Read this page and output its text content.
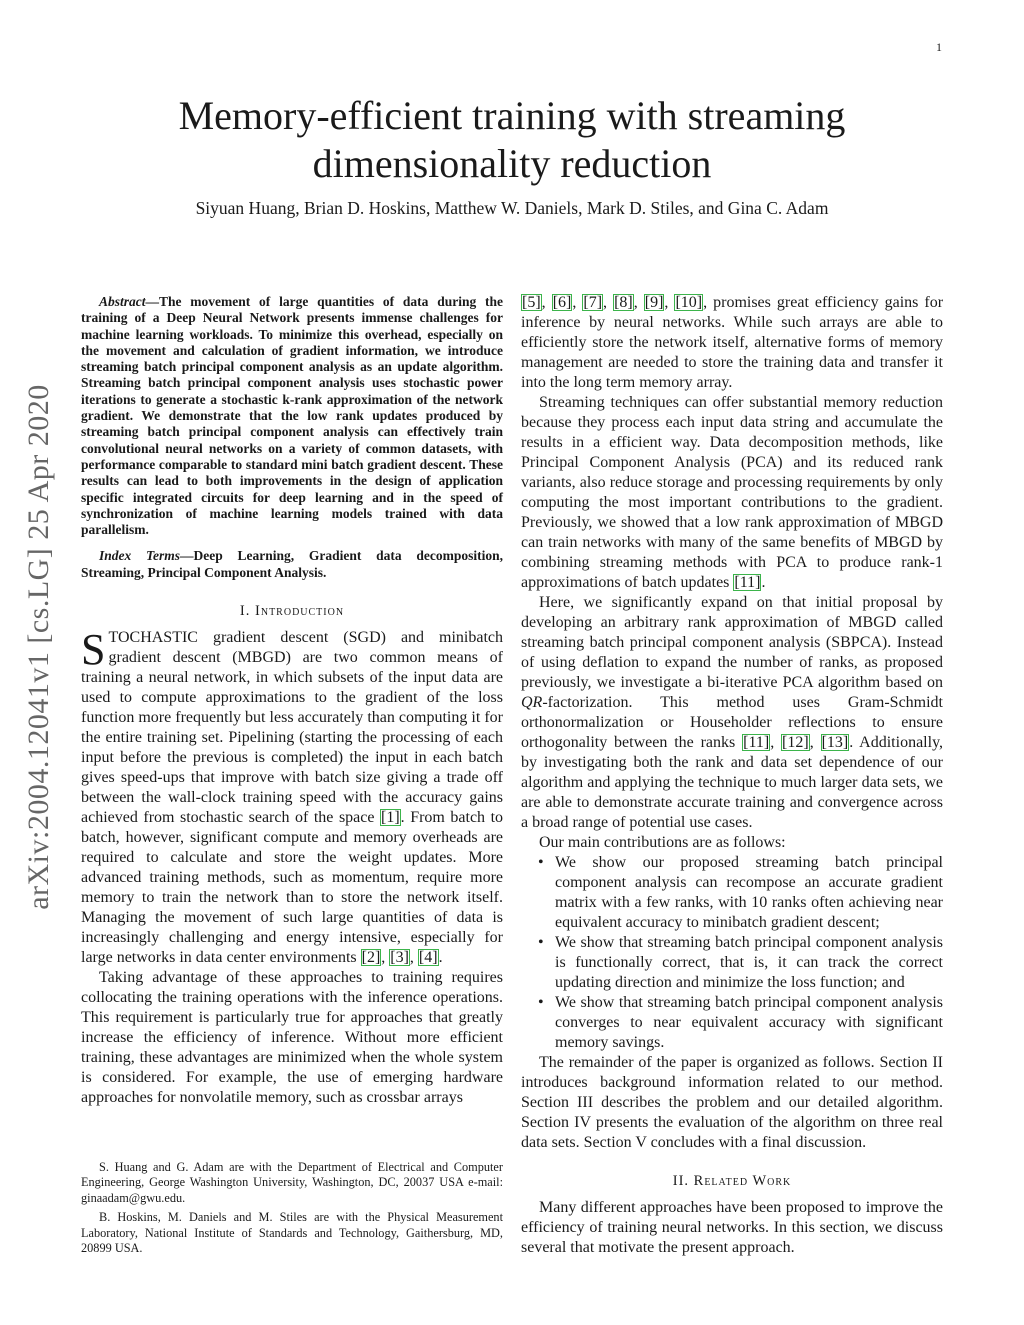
1
arXiv:2004.12041v1 [cs.LG] 25 Apr 2020
Memory-efficient training with streaming dimensionality reduction
Siyuan Huang, Brian D. Hoskins, Matthew W. Daniels, Mark D. Stiles, and Gina C. Adam

Abstract—The movement of large quantities of data during the training of a Deep Neural Network presents immense challenges for machine learning workloads. To minimize this overhead, especially on the movement and calculation of gradient information, we introduce streaming batch principal component analysis as an update algorithm. Streaming batch principal component analysis uses stochastic power iterations to generate a stochastic k-rank approximation of the network gradient. We demonstrate that the low rank updates produced by streaming batch principal component analysis can effectively train convolutional neural networks on a variety of common datasets, with performance comparable to standard mini batch gradient descent. These results can lead to both improvements in the design of application specific integrated circuits for deep learning and in the speed of synchronization of machine learning models trained with data parallelism.

Index Terms—Deep Learning, Gradient data decomposition, Streaming, Principal Component Analysis.

I. Introduction

STOCHASTIC gradient descent (SGD) and minibatch gradient descent (MBGD) are two common means of training a neural network, in which subsets of the input data are used to compute approximations to the gradient of the loss function more frequently but less accurately than computing it for the entire training set. Pipelining (starting the processing of each input before the previous is completed) the input in each batch gives speed-ups that improve with batch size giving a trade off between the wall-clock training speed with the accuracy gains achieved from stochastic search of the space [1]. From batch to batch, however, significant compute and memory overheads are required to calculate and store the weight updates. More advanced training methods, such as momentum, require more memory to train the network than to store the network itself. Managing the movement of such large quantities of data is increasingly challenging and energy intensive, especially for large networks in data center environments [2], [3], [4].

Taking advantage of these approaches to training requires collocating the training operations with the inference operations. This requirement is particularly true for approaches that greatly increase the efficiency of inference. Without more efficient training, these advantages are minimized when the whole system is considered. For example, the use of emerging hardware approaches for nonvolatile memory, such as crossbar arrays

[5], [6], [7], [8], [9], [10], promises great efficiency gains for inference by neural networks. While such arrays are able to efficiently store the network itself, alternative forms of memory management are needed to store the training data and transfer it into the long term memory array.

Streaming techniques can offer substantial memory reduction because they process each input data string and accumulate the results in a efficient way. Data decomposition methods, like Principal Component Analysis (PCA) and its reduced rank variants, also reduce storage and processing requirements by only computing the most important contributions to the gradient. Previously, we showed that a low rank approximation of MBGD can train networks with many of the same benefits of MBGD by combining streaming methods with PCA to produce rank-1 approximations of batch updates [11].

Here, we significantly expand on that initial proposal by developing an arbitrary rank approximation of MBGD called streaming batch principal component analysis (SBPCA). Instead of using deflation to expand the number of ranks, as proposed previously, we investigate a bi-iterative PCA algorithm based on QR-factorization. This method uses Gram-Schmidt orthonormalization or Householder reflections to ensure orthogonality between the ranks [11], [12], [13]. Additionally, by investigating both the rank and data set dependence of our algorithm and applying the technique to much larger data sets, we are able to demonstrate accurate training and convergence across a broad range of potential use cases.

Our main contributions are as follows:

• We show our proposed streaming batch principal component analysis can recompose an accurate gradient matrix with a few ranks, with 10 ranks often achieving near equivalent accuracy to minibatch gradient descent;
• We show that streaming batch principal component analysis is functionally correct, that is, it can track the correct updating direction and minimize the loss function; and
• We show that streaming batch principal component analysis converges to near equivalent accuracy with significant memory savings.

The remainder of the paper is organized as follows. Section II introduces background information related to our method. Section III describes the problem and our detailed algorithm. Section IV presents the evaluation of the algorithm on three real data sets. Section V concludes with a final discussion.

II. Related Work

Many different approaches have been proposed to improve the efficiency of training neural networks. In this section, we discuss several that motivate the present approach.

S. Huang and G. Adam are with the Department of Electrical and Computer Engineering, George Washington University, Washington, DC, 20037 USA e-mail: ginaadam@gwu.edu.

B. Hoskins, M. Daniels and M. Stiles are with the Physical Measurement Laboratory, National Institute of Standards and Technology, Gaithersburg, MD, 20899 USA.
